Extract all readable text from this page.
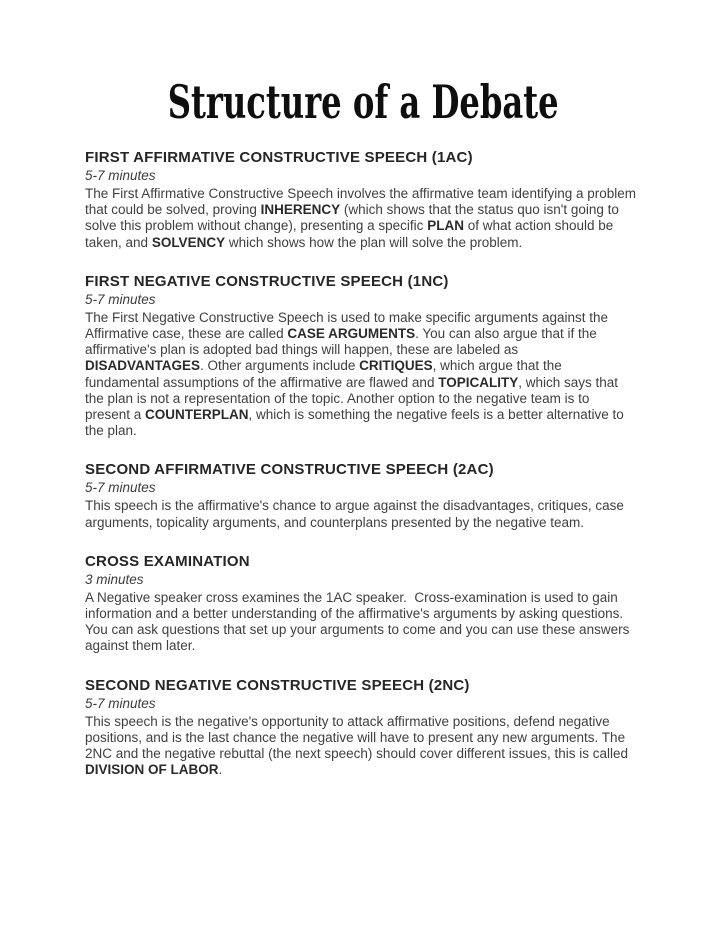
Structure of a Debate
FIRST AFFIRMATIVE CONSTRUCTIVE SPEECH (1AC)
5-7 minutes

The First Affirmative Constructive Speech involves the affirmative team identifying a problem that could be solved, proving INHERENCY (which shows that the status quo isn't going to solve this problem without change), presenting a specific PLAN of what action should be taken, and SOLVENCY which shows how the plan will solve the problem.

FIRST NEGATIVE CONSTRUCTIVE SPEECH (1NC)
5-7 minutes

The First Negative Constructive Speech is used to make specific arguments against the Affirmative case, these are called CASE ARGUMENTS. You can also argue that if the affirmative's plan is adopted bad things will happen, these are labeled as DISADVANTAGES. Other arguments include CRITIQUES, which argue that the fundamental assumptions of the affirmative are flawed and TOPICALITY, which says that the plan is not a representation of the topic. Another option to the negative team is to present a COUNTERPLAN, which is something the negative feels is a better alternative to the plan.

SECOND AFFIRMATIVE CONSTRUCTIVE SPEECH (2AC)
5-7 minutes

This speech is the affirmative's chance to argue against the disadvantages, critiques, case arguments, topicality arguments, and counterplans presented by the negative team.

CROSS EXAMINATION
3 minutes

A Negative speaker cross examines the 1AC speaker.  Cross-examination is used to gain information and a better understanding of the affirmative's arguments by asking questions. You can ask questions that set up your arguments to come and you can use these answers against them later.

SECOND NEGATIVE CONSTRUCTIVE SPEECH (2NC)
5-7 minutes

This speech is the negative's opportunity to attack affirmative positions, defend negative positions, and is the last chance the negative will have to present any new arguments. The 2NC and the negative rebuttal (the next speech) should cover different issues, this is called DIVISION OF LABOR.
